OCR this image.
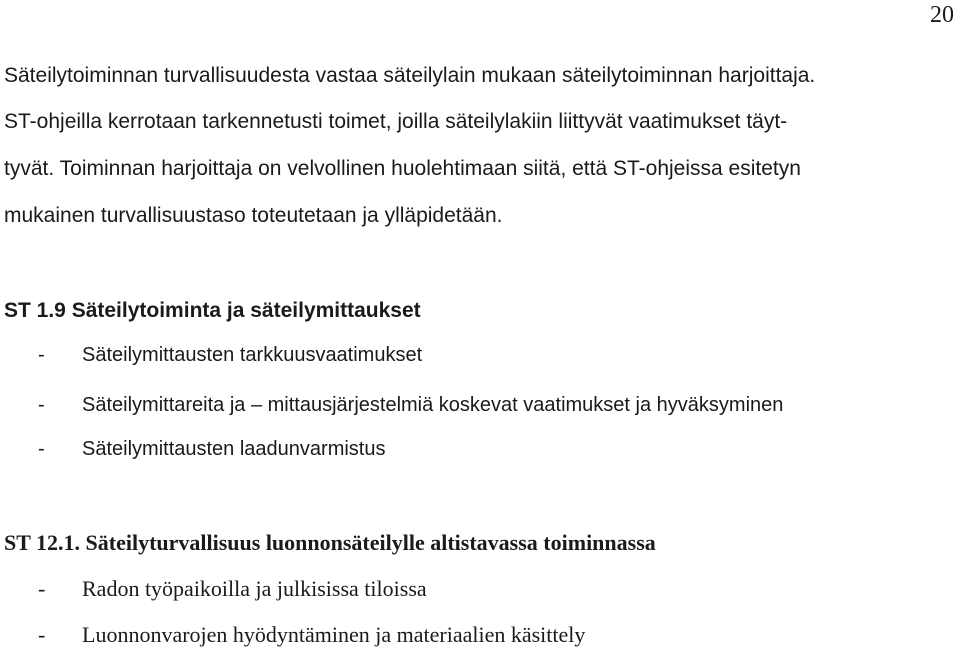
20
Säteilytoiminnan turvallisuudesta vastaa säteilylain mukaan säteilytoiminnan harjoittaja.
ST-ohjeilla kerrotaan tarkennetusti toimet, joilla säteilylakiin liittyvät vaatimukset täyt-
tyvät. Toiminnan harjoittaja on velvollinen huolehtimaan siitä, että ST-ohjeissa esitetyn
mukainen turvallisuustaso toteutetaan ja ylläpidetään.
ST 1.9 Säteilytoiminta ja säteilymittaukset
- Säteilymittausten tarkkuusvaatimukset
- Säteilymittareita ja – mittausjärjestelmiä koskevat vaatimukset ja hyväksyminen
- Säteilymittausten laadunvarmistus
ST 12.1. Säteilyturvallisuus luonnonsäteilylle altistavassa toiminnassa
- Radon työpaikoilla ja julkisissa tiloissa
- Luonnonvarojen hyödyntäminen ja materiaalien käsittely
